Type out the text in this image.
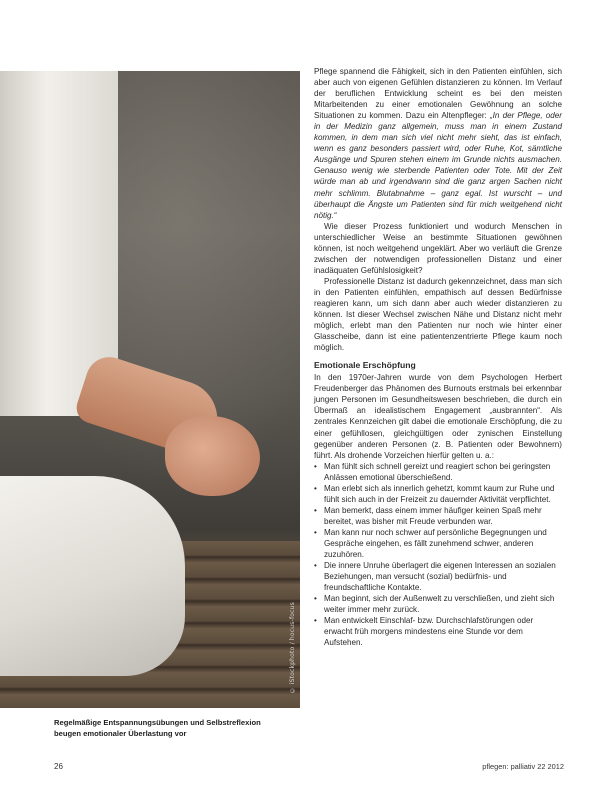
© iStockphoto / hocus-focus
Regelmäßige Entspannungsübungen und Selbstreflexion
beugen emotionaler Überlastung vor

Pflege spannend die Fähigkeit, sich in den Patienten einfühlen, sich aber auch von eigenen Gefühlen distanzieren zu können. Im Verlauf der beruflichen Entwicklung scheint es bei den meisten Mitarbeitenden zu einer emotionalen Gewöhnung an solche Situationen zu kommen. Dazu ein Altenpfleger: „In der Pflege, oder in der Medizin ganz allgemein, muss man in einem Zustand kommen, in dem man sich viel nicht mehr sieht, das ist einfach, wenn es ganz besonders passiert wird, oder Ruhe, Kot, sämtliche Ausgänge und Spuren stehen einem im Grunde nichts ausmachen. Genauso wenig wie sterbende Patienten oder Tote. Mit der Zeit würde man ab und irgendwann sind die ganz argen Sachen nicht mehr schlimm. Blutabnahme – ganz egal. Ist wurscht – und überhaupt die Ängste um Patienten sind für mich weitgehend nicht nötig.“

Wie dieser Prozess funktioniert und wodurch Menschen in unterschiedlicher Weise an bestimmte Situationen gewöhnen können, ist noch weitgehend ungeklärt. Aber wo verläuft die Grenze zwischen der notwendigen professionellen Distanz und einer inadäquaten Gefühlslosigkeit?

Professionelle Distanz ist dadurch gekennzeichnet, dass man sich in den Patienten einfühlen, empathisch auf dessen Bedürfnisse reagieren kann, um sich dann aber auch wieder distanzieren zu können. Ist dieser Wechsel zwischen Nähe und Distanz nicht mehr möglich, erlebt man den Patienten nur noch wie hinter einer Glasscheibe, dann ist eine patientenzentrierte Pflege kaum noch möglich.

Emotionale Erschöpfung

In den 1970er-Jahren wurde von dem Psychologen Herbert Freudenberger das Phänomen des Burnouts erstmals bei erkennbar jungen Personen im Gesundheitswesen beschrieben, die durch ein Übermaß an idealistischem Engagement „ausbrannten“. Als zentrales Kennzeichen gilt dabei die emotionale Erschöpfung, die zu einer gefühllosen, gleichgültigen oder zynischen Einstellung gegenüber anderen Personen (z. B. Patienten oder Bewohnern) führt. Als drohende Vorzeichen hierfür gelten u. a.:

• Man fühlt sich schnell gereizt und reagiert schon bei geringsten Anlässen emotional überschießend.
• Man erlebt sich als innerlich gehetzt, kommt kaum zur Ruhe und fühlt sich auch in der Freizeit zu dauernder Aktivität verpflichtet.
• Man bemerkt, dass einem immer häufiger keinen Spaß mehr bereitet, was bisher mit Freude verbunden war.
• Man kann nur noch schwer auf persönliche Begegnungen und Gespräche eingehen, es fällt zunehmend schwer, anderen zuzuhören.
• Die innere Unruhe überlagert die eigenen Interessen an sozialen Beziehungen, man versucht (sozial) bedürfnis- und freundschaftliche Kontakte.
• Man beginnt, sich der Außenwelt zu verschließen, und zieht sich weiter immer mehr zurück.
• Man entwickelt Einschlaf- bzw. Durchschlafstörungen oder erwacht früh morgens mindestens eine Stunde vor dem Aufstehen.
26	pflegen: palliativ 22 2012
